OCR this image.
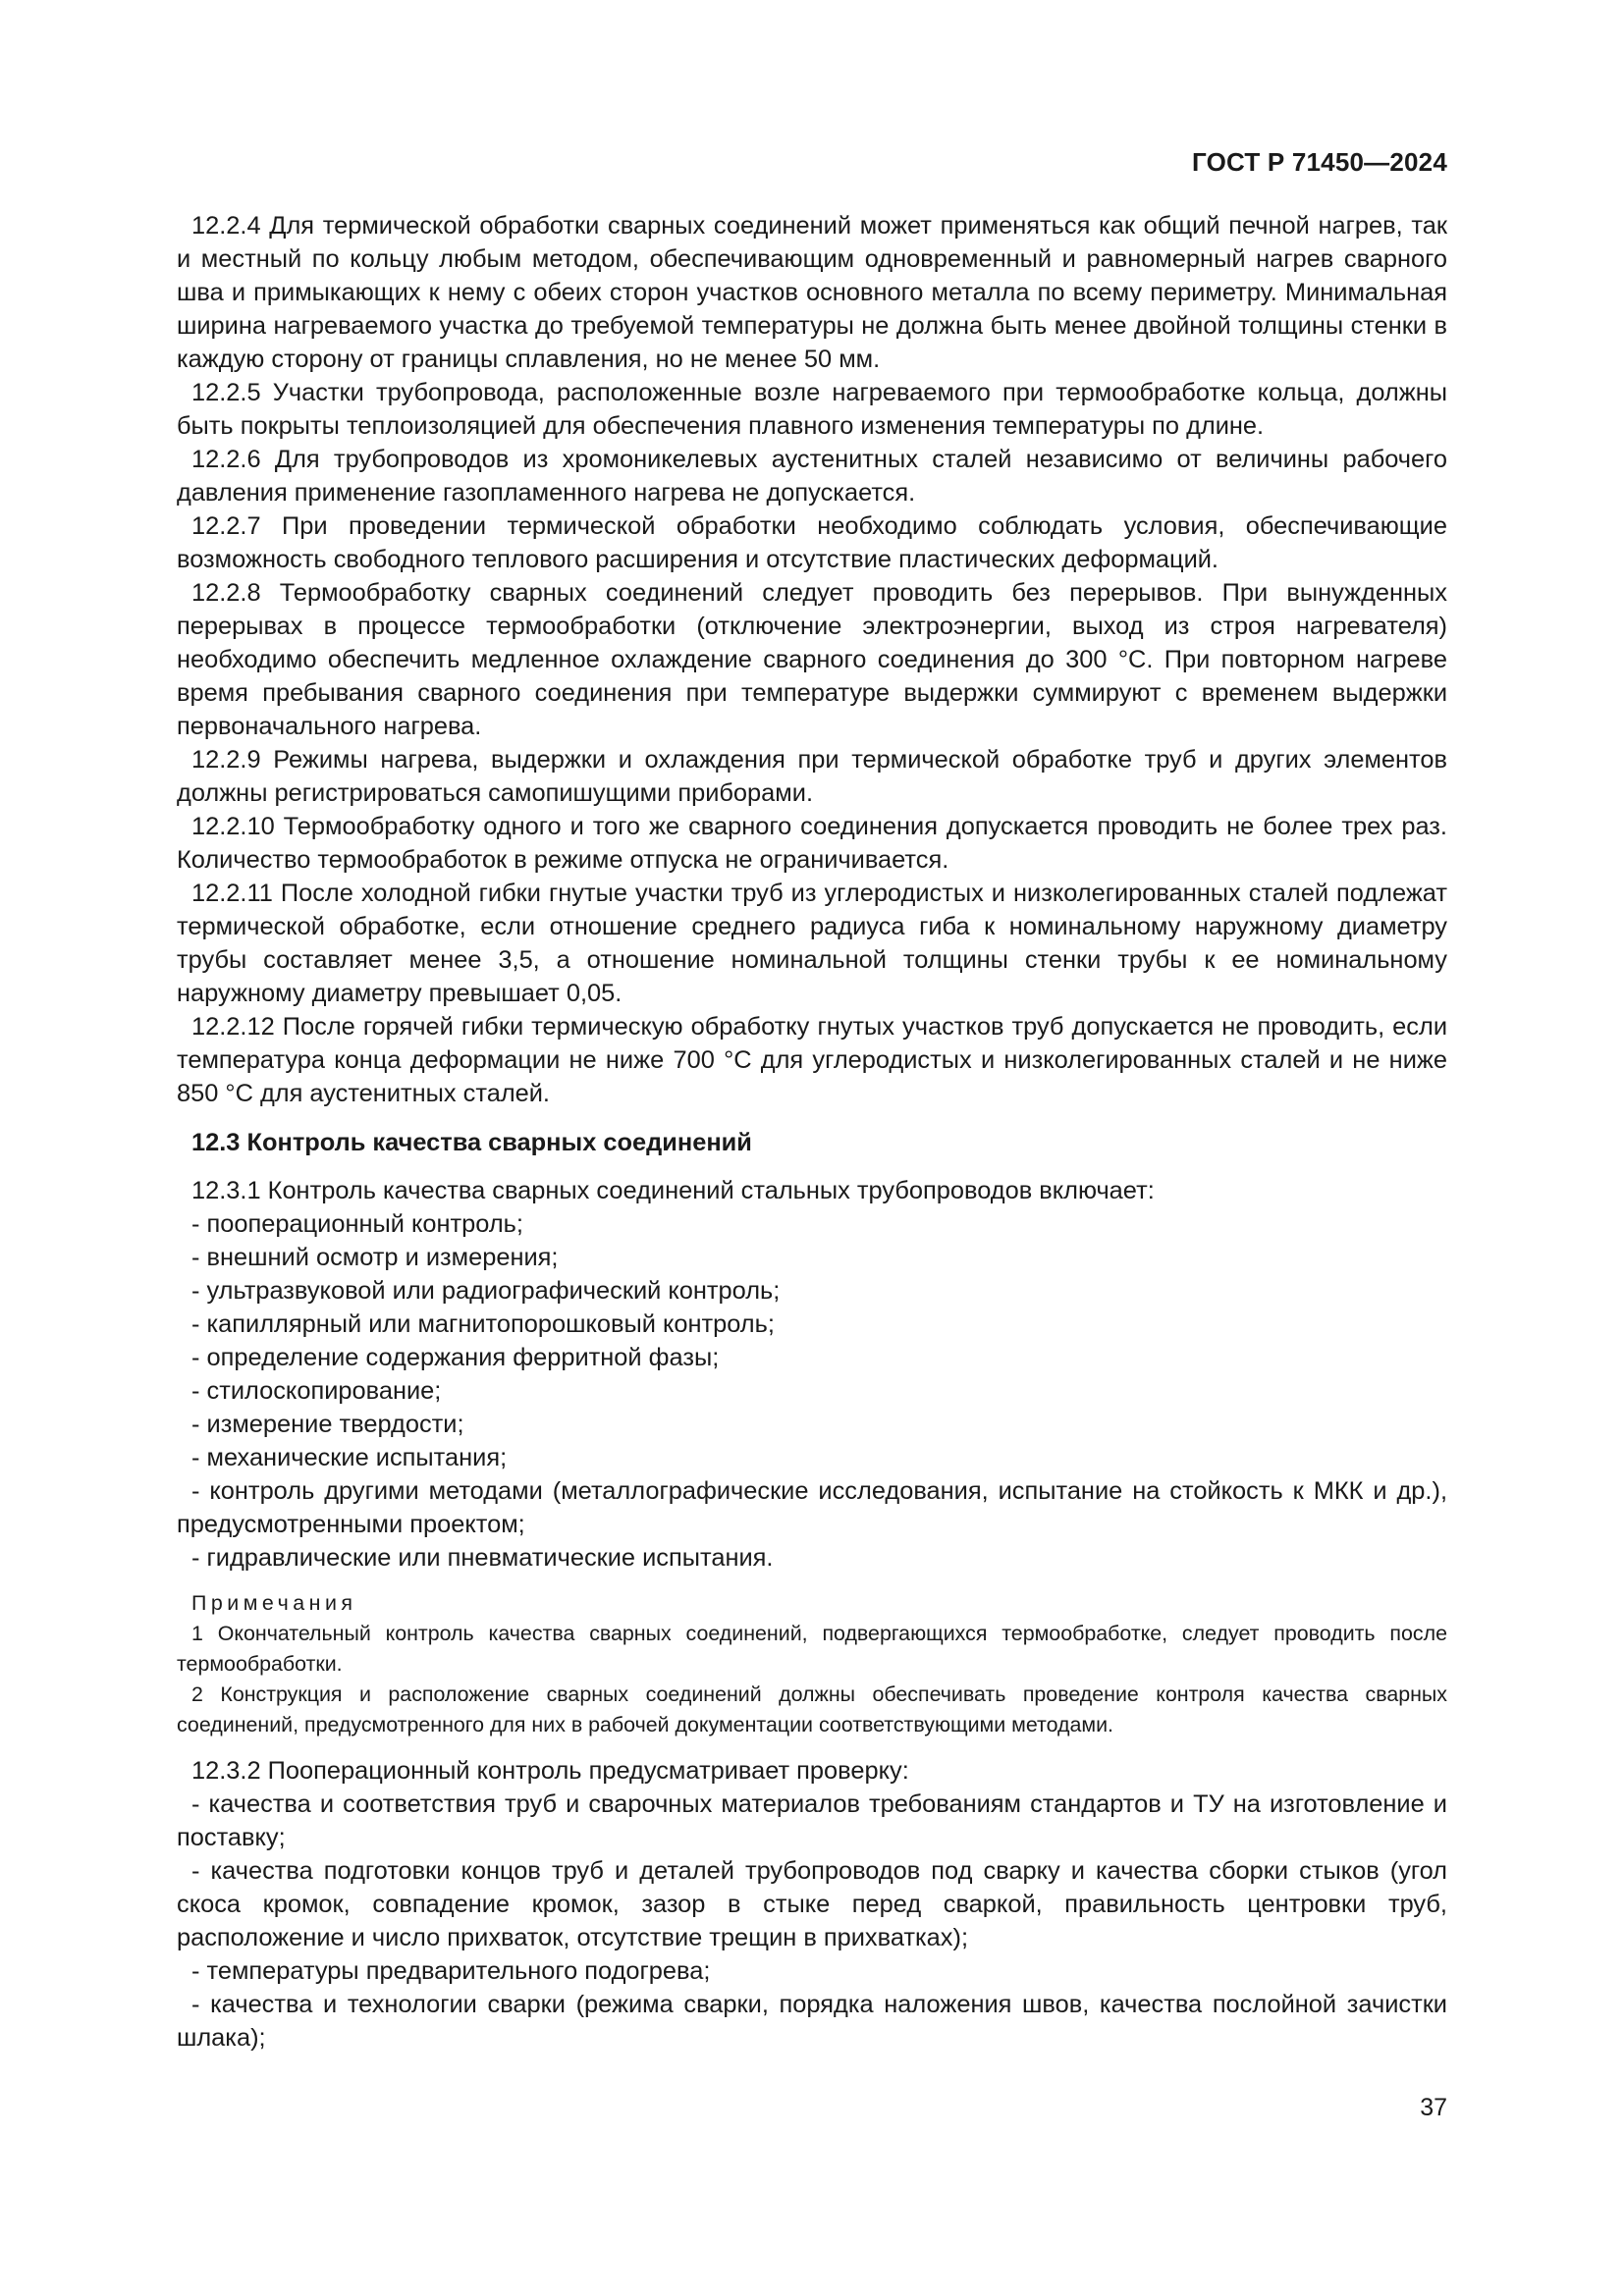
ГОСТ Р 71450—2024

12.2.4 Для термической обработки сварных соединений может применяться как общий печной нагрев, так и местный по кольцу любым методом, обеспечивающим одновременный и равномерный нагрев сварного шва и примыкающих к нему с обеих сторон участков основного металла по всему периметру. Минимальная ширина нагреваемого участка до требуемой температуры не должна быть менее двойной толщины стенки в каждую сторону от границы сплавления, но не менее 50 мм.

12.2.5 Участки трубопровода, расположенные возле нагреваемого при термообработке кольца, должны быть покрыты теплоизоляцией для обеспечения плавного изменения температуры по длине.

12.2.6 Для трубопроводов из хромоникелевых аустенитных сталей независимо от величины рабочего давления применение газопламенного нагрева не допускается.

12.2.7 При проведении термической обработки необходимо соблюдать условия, обеспечивающие возможность свободного теплового расширения и отсутствие пластических деформаций.

12.2.8 Термообработку сварных соединений следует проводить без перерывов. При вынужденных перерывах в процессе термообработки (отключение электроэнергии, выход из строя нагревателя) необходимо обеспечить медленное охлаждение сварного соединения до 300 °С. При повторном нагреве время пребывания сварного соединения при температуре выдержки суммируют с временем выдержки первоначального нагрева.

12.2.9 Режимы нагрева, выдержки и охлаждения при термической обработке труб и других элементов должны регистрироваться самопишущими приборами.

12.2.10 Термообработку одного и того же сварного соединения допускается проводить не более трех раз. Количество термообработок в режиме отпуска не ограничивается.

12.2.11 После холодной гибки гнутые участки труб из углеродистых и низколегированных сталей подлежат термической обработке, если отношение среднего радиуса гиба к номинальному наружному диаметру трубы составляет менее 3,5, а отношение номинальной толщины стенки трубы к ее номинальному наружному диаметру превышает 0,05.

12.2.12 После горячей гибки термическую обработку гнутых участков труб допускается не проводить, если температура конца деформации не ниже 700 °С для углеродистых и низколегированных сталей и не ниже 850 °С для аустенитных сталей.

12.3 Контроль качества сварных соединений

12.3.1 Контроль качества сварных соединений стальных трубопроводов включает:

- пооперационный контроль;

- внешний осмотр и измерения;

- ультразвуковой или радиографический контроль;

- капиллярный или магнитопорошковый контроль;

- определение содержания ферритной фазы;

- стилоскопирование;

- измерение твердости;

- механические испытания;

- контроль другими методами (металлографические исследования, испытание на стойкость к МКК и др.), предусмотренными проектом;

- гидравлические или пневматические испытания.

Примечания

1 Окончательный контроль качества сварных соединений, подвергающихся термообработке, следует проводить после термообработки.

2 Конструкция и расположение сварных соединений должны обеспечивать проведение контроля качества сварных соединений, предусмотренного для них в рабочей документации соответствующими методами.

12.3.2 Пооперационный контроль предусматривает проверку:

- качества и соответствия труб и сварочных материалов требованиям стандартов и ТУ на изготовление и поставку;

- качества подготовки концов труб и деталей трубопроводов под сварку и качества сборки стыков (угол скоса кромок, совпадение кромок, зазор в стыке перед сваркой, правильность центровки труб, расположение и число прихваток, отсутствие трещин в прихватках);

- температуры предварительного подогрева;

- качества и технологии сварки (режима сварки, порядка наложения швов, качества послойной зачистки шлака);

37
